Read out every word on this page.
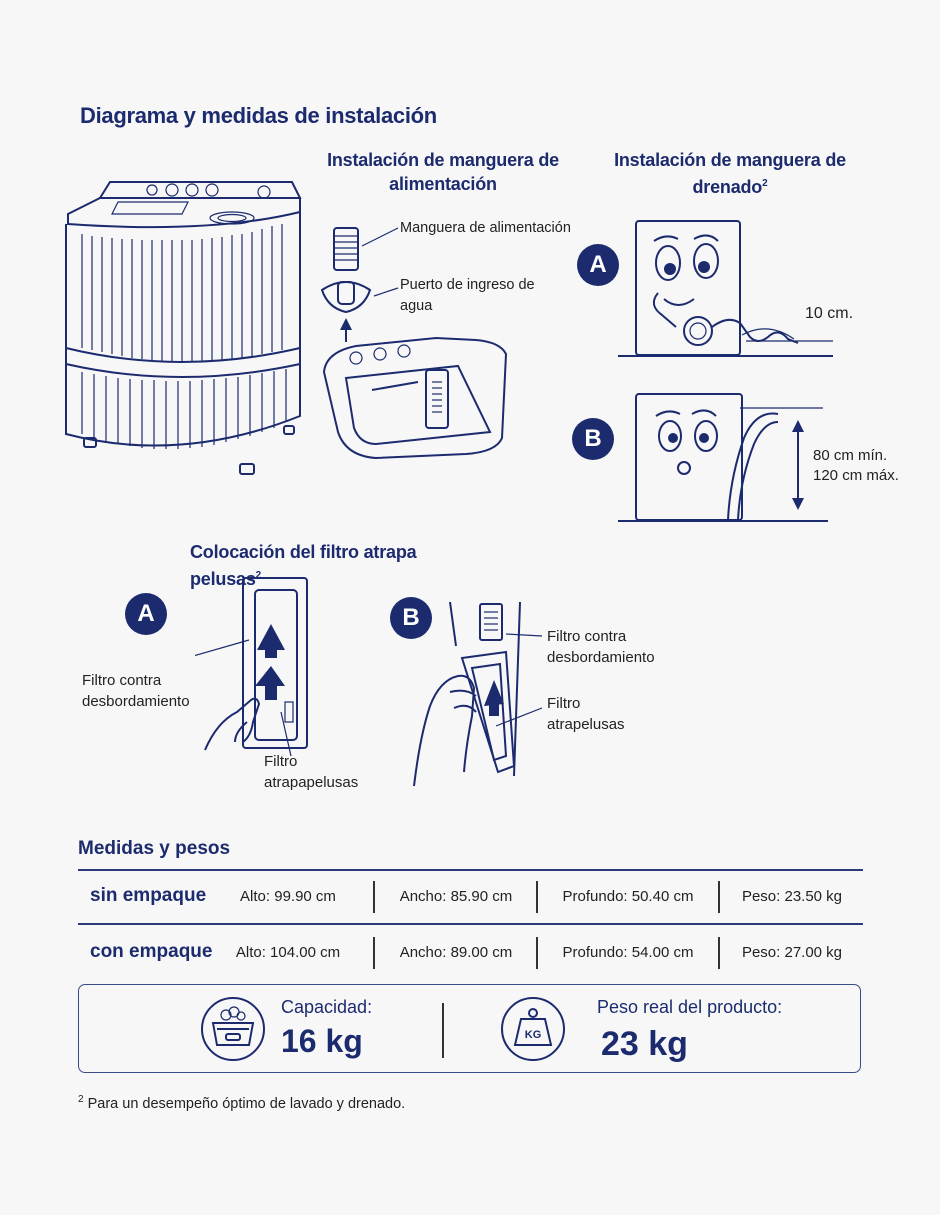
Diagrama y medidas de instalación
Instalación de manguera de
alimentación
Manguera de alimentación
Puerto de ingreso de
agua
Instalación de manguera de
drenado$^2$
A
B
10 cm.
80 cm mín.
120 cm máx.
Colocación del filtro atrapa pelusas$^2$
A	B
Filtro contra
desbordamiento
Filtro
atrapapelusas
Filtro contra
desbordamiento
Filtro
atrapelusas
Medidas y pesos
sin empaque	Alto: 99.90 cm	Ancho: 85.90 cm	Profundo: 50.40 cm	Peso: 23.50 kg
con empaque	Alto: 104.00 cm	Ancho: 89.00 cm	Profundo: 54.00 cm	Peso: 27.00 kg
Capacidad:
16 kg	KG
Peso real del producto:
23 kg
$^2$ Para un desempeño óptimo de lavado y drenado.
